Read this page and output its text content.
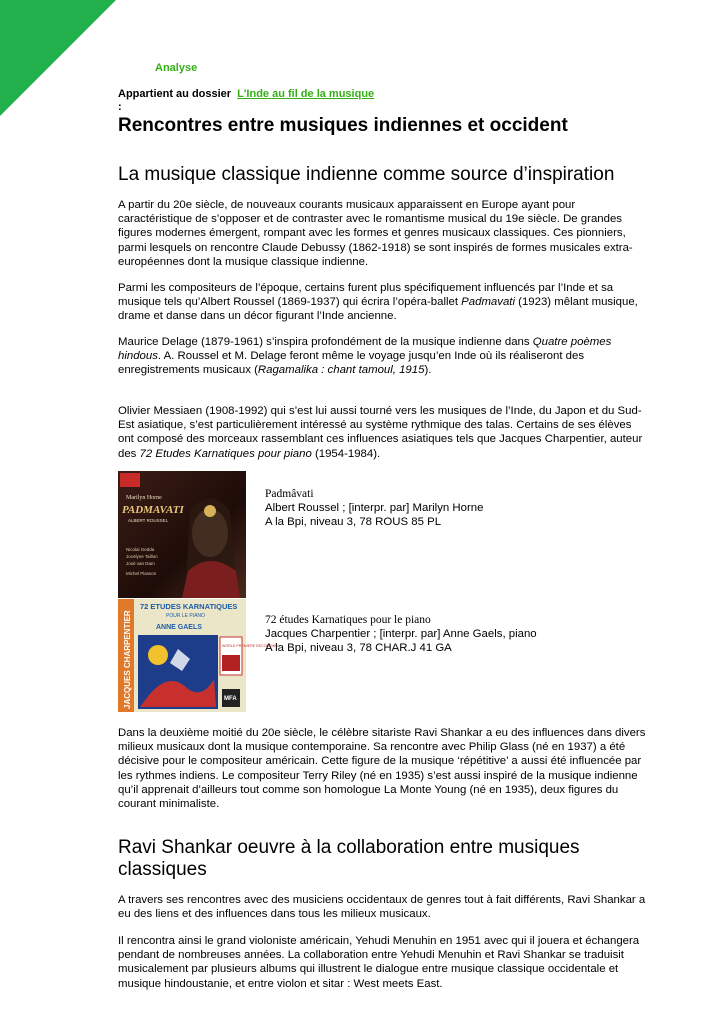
Analyse
Appartient au dossier L'Inde au fil de la musique
:
Rencontres entre musiques indiennes et occident
La musique classique indienne comme source d’inspiration
A partir du 20e siècle, de nouveaux courants musicaux apparaissent en Europe ayant pour caractéristique de s’opposer et de contraster avec le romantisme musical du 19e siècle. De grandes figures modernes émergent, rompant avec les formes et genres musicaux classiques. Ces pionniers, parmi lesquels on rencontre Claude Debussy (1862-1918) se sont inspirés de formes musicales extra-européennes dont la musique classique indienne.
Parmi les compositeurs de l’époque, certains furent plus spécifiquement influencés par l’Inde et sa musique tels qu’Albert Roussel (1869-1937) qui écrira l’opéra-ballet Padmavati (1923) mêlant musique, drame et danse dans un décor figurant l’Inde ancienne.
Maurice Delage (1879-1961) s’inspira profondément de la musique indienne dans Quatre poèmes hindous. A. Roussel et M. Delage feront même le voyage jusqu’en Inde où ils réaliseront des enregistrements musicaux (Ragamalika : chant tamoul, 1915).
Olivier Messiaen (1908-1992) qui s’est lui aussi tourné vers les musiques de l’Inde, du Japon et du Sud-Est asiatique, s’est particulièrement intéressé au système rythmique des talas. Certains de ses élèves ont composé des morceaux rassemblant ces influences asiatiques tels que Jacques Charpentier, auteur des 72 Etudes Karnatiques pour piano (1954-1984).
Marilyn Horne
PADMAVATI
ALBERT ROUSSEL
Nicolai Gedda
Jocelyne Taillon
José van Dam
Michel Plasson
JACQUES CHARPENTIER
72 ETUDES KARNATIQUES
POUR LE PIANO
ANNE GAELS
WORLD PREMIERE RECORDING
MFA
Padmâvati
Albert Roussel ; [interpr. par] Marilyn Horne
A la Bpi, niveau 3, 78 ROUS 85 PL
72 études Karnatiques pour le piano
Jacques Charpentier ; [interpr. par] Anne Gaels, piano
A la Bpi, niveau 3, 78 CHAR.J 41 GA
Dans la deuxième moitié du 20e siècle, le célèbre sitariste Ravi Shankar a eu des influences dans divers milieux musicaux dont la musique contemporaine. Sa rencontre avec Philip Glass (né en 1937) a été décisive pour le compositeur américain. Cette figure de la musique ‘répétitive’ a aussi été influencée par les rythmes indiens. Le compositeur Terry Riley (né en 1935) s’est aussi inspiré de la musique indienne qu’il apprenait d’ailleurs tout comme son homologue La Monte Young (né en 1935), deux figures du courant minimaliste.
Ravi Shankar oeuvre à la collaboration entre musiques classiques
A travers ses rencontres avec des musiciens occidentaux de genres tout à fait différents, Ravi Shankar a eu des liens et des influences dans tous les milieux musicaux.
Il rencontra ainsi le grand violoniste américain, Yehudi Menuhin en 1951 avec qui il jouera et échangera pendant de nombreuses années. La collaboration entre Yehudi Menuhin et Ravi Shankar se traduisit musicalement par plusieurs albums qui illustrent le dialogue entre musique classique occidentale et musique hindoustanie, et entre violon et sitar : West meets East.
